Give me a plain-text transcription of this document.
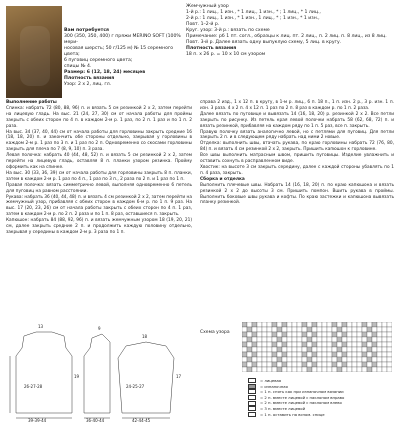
Вам потребуется
300 (350, 350, 400) г пряжи MERINO SOFT (100% мери-
носовая шерсть; 50 г/125 м) № 15 серемного цвета;
6 пуговиц серемного цвета;
спицы № 4.
Размер: 6 (12, 18, 24) месяцев
Плотность вязания
Узор: 2 x 2, лиц. гл.
Жемчужный узор
1-й р.: 1 лиц., 1 изн., * 1 лиц., 1 изн., * ; 1 лиц., * 1 лиц.,
2-й р.: 1 лиц., 1 изн., * 1 изн., 1 лиц., * ; 1 изн., * 1 изн.,
Повт. 1–2-й р.
Круг. узор: 3-й р.: вязать по схеме
Примечание: рб 1 пт. согл., образцы к лиц. пт. 2 лиц., п. 2 лиц. п. 8 лиц., из 8 лиц.
Повт. 3-й р. Далее вязать одну выпуклую схему, 5 лиц. в кругу.
Плотность вязания
18 п. х 26 р. = 10 х 10 см узором
Выполнение работы

Спинка: набрать 72 (80, 88, 96) п. и вязать 5 см резинкой 2 x 2, затем перейти на лицевую гладь. На выс. 21 (24, 27, 30) см от начала работы для проймы закрыть с обеих сторон по 4 п. в каждом 2-м р. 1 раз, по 2 п. 1 раз и по 1 п. 2 раза.

На выс. 34 (37, 40, 44) см от начала работы для горловины закрыть средние 16 (18, 18, 20) п. и закончить обе стороны отдельно, закрывая у горловины в каждом 2-м р. 1 раз по 3 п. и 1 раз по 2 п. Одновременно со скосами горловины закрыть для плеча по 7 (8, 9, 10) п. 3 раза.

Левая полочка: набрать 40 (44, 48, 52) п. и вязать 5 см резинкой 2 x 2, затем перейти на лицевую гладь, оставляя 8 п. планки узором резинка. Пройму оформить как на спинке.

На выс. 30 (33, 36, 39) см от начала работы для горловины закрыть 8 п. планки, затем в каждом 2-м р. 1 раз по 4 п., 1 раз по 3 п., 2 раза по 2 п. и 1 раз по 1 п.

Правая полочка: вязать симметрично левой, выполняя одновременно 6 петель для пуговиц на равном расстоянии.

Рукава: набрать 36 (40, 44, 48) п. и вязать 4 см резинкой 2 x 2, затем перейти на жемчужный узор, прибавляя с обеих сторон в каждом 6-м р. по 1 п. 9 раз. На выс. 17 (20, 23, 26) см от начала работы закрыть с обеих сторон по 4 п. 1 раз, затем в каждом 2-м р. по 2 п. 2 раза и по 1 п. 8 раз, оставшиеся п. закрыть.

Капюшон: набрать 84 (88, 92, 96) п. и вязать жемчужным узором 18 (19, 20, 21) см, далее закрыть средние 2 п. и продолжить каждую половину отдельно, закрывая у середины в каждом 2-м р. 3 раза по 1 п.

справа 2 изд., 1 х 12 п. в кругу, в 1-м р. лиц., 6 п. 18 п., 1 п. изн. 2 р., 3 р. изн. 1 п. изн. 3 раза. 4 х 2 п. 4 х 12 п. 1 раз по 2 п. 8 раз в каждом р. по 1 п. 2 раза.

Далее вязать по пуговице и вывязать 14 (16, 18, 20) р. резинкой 2 x 2. Все петли закрыть по рисунку. Из петель края левой полочки набрать 58 (62, 68, 72) п. и вязать резинкой, прибавляя на каждом ряду по 1 п. 5 раз, все п. закрыть.

Правую полочку вязать аналогично левой, но с петлями для пуговиц. Для петли закрыть 2 п. и в следующем ряду набрать над ними 2 новые.

Отделка: выполнить швы, втачать рукава, по краю горловины набрать 72 (76, 80, 84) п. и вязать 4 см резинкой 2 x 2, закрыть. Пришить капюшон к горловине.

Все швы выполнить матрасным швом, пришить пуговицы. Изделие увлажнить и оставить сохнуть в расправленном виде.

Хвостик: на высоте 3 см закрыть середину, далее с каждой стороны убавлять по 1 п. 4 раза, закрыть.

Сборка и отделка

Выполнить плечевые швы. Набрать 14 (16, 18, 20) п. по краю капюшона и вязать резинкой 2 x 2 до высоты 3 см. Пришить помпон. Вшить рукава в проймы. Выполнить боковые швы рукава и кофты. По краю застежки и капюшона вывязать планку резинкой.

13	9
18
19	17
26-27-28
39-39-44	36-40-44	42-44-45
24-25-27
Схема узора
= лицевая
= изнаночная
= 1 п. снять как при изнаночном вязании
= 2 п. вместе лицевой с наклоном вправо
= 2 п. вместе лицевой с наклоном влево
= 3 п. вместе лицевой
= 1 п. оставить на вспом. спице
